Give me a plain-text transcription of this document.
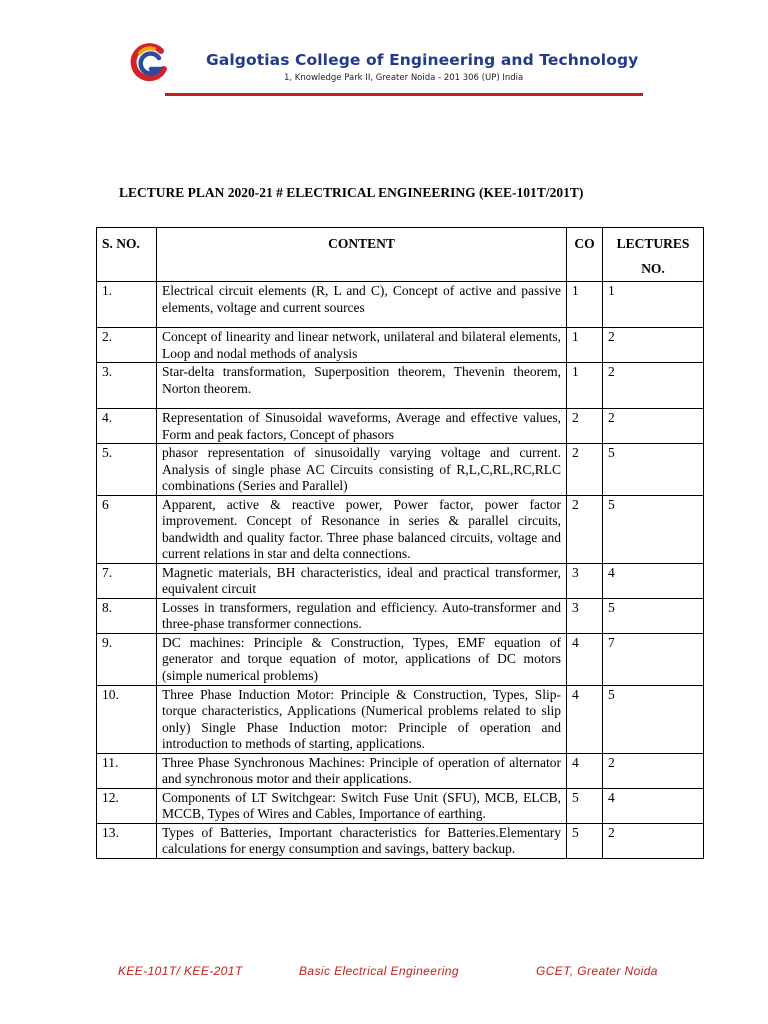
Galgotias College of Engineering and Technology
1, Knowledge Park II, Greater Noida - 201 306 (UP) India
LECTURE PLAN 2020-21 # ELECTRICAL ENGINEERING (KEE-101T/201T)
S. NO.	CONTENT	CO	LECTURES NO.
1.	Electrical circuit elements (R, L and C), Concept of active and passive elements, voltage and current sources	1	1
2.	Concept of linearity and linear network, unilateral and bilateral elements, Loop and nodal methods of analysis	1	2
3.	Star-delta transformation, Superposition theorem, Thevenin theorem, Norton theorem.	1	2
4.	Representation of Sinusoidal waveforms, Average and effective values, Form and peak factors, Concept of phasors	2	2
5.	phasor representation of sinusoidally varying voltage and current. Analysis of single phase AC Circuits consisting of R,L,C,RL,RC,RLC combinations (Series and Parallel)	2	5
6	Apparent, active & reactive power, Power factor, power factor improvement. Concept of Resonance in series & parallel circuits, bandwidth and quality factor. Three phase balanced circuits, voltage and current relations in star and delta connections.	2	5
7.	Magnetic materials, BH characteristics, ideal and practical transformer, equivalent circuit	3	4
8.	Losses in transformers, regulation and efficiency. Auto-transformer and three-phase transformer connections.	3	5
9.	DC machines: Principle & Construction, Types, EMF equation of generator and torque equation of motor, applications of DC motors (simple numerical problems)	4	7
10.	Three Phase Induction Motor: Principle & Construction, Types, Slip-torque characteristics, Applications (Numerical problems related to slip only) Single Phase Induction motor: Principle of operation and introduction to methods of starting, applications.	4	5
11.	Three Phase Synchronous Machines: Principle of operation of alternator and synchronous motor and their applications.	4	2
12.	Components of LT Switchgear: Switch Fuse Unit (SFU), MCB, ELCB, MCCB, Types of Wires and Cables, Importance of earthing.	5	4
13.	Types of Batteries, Important characteristics for Batteries.Elementary calculations for energy consumption and savings, battery backup.	5	2
KEE-101T/ KEE-201T	Basic Electrical Engineering	GCET, Greater Noida
